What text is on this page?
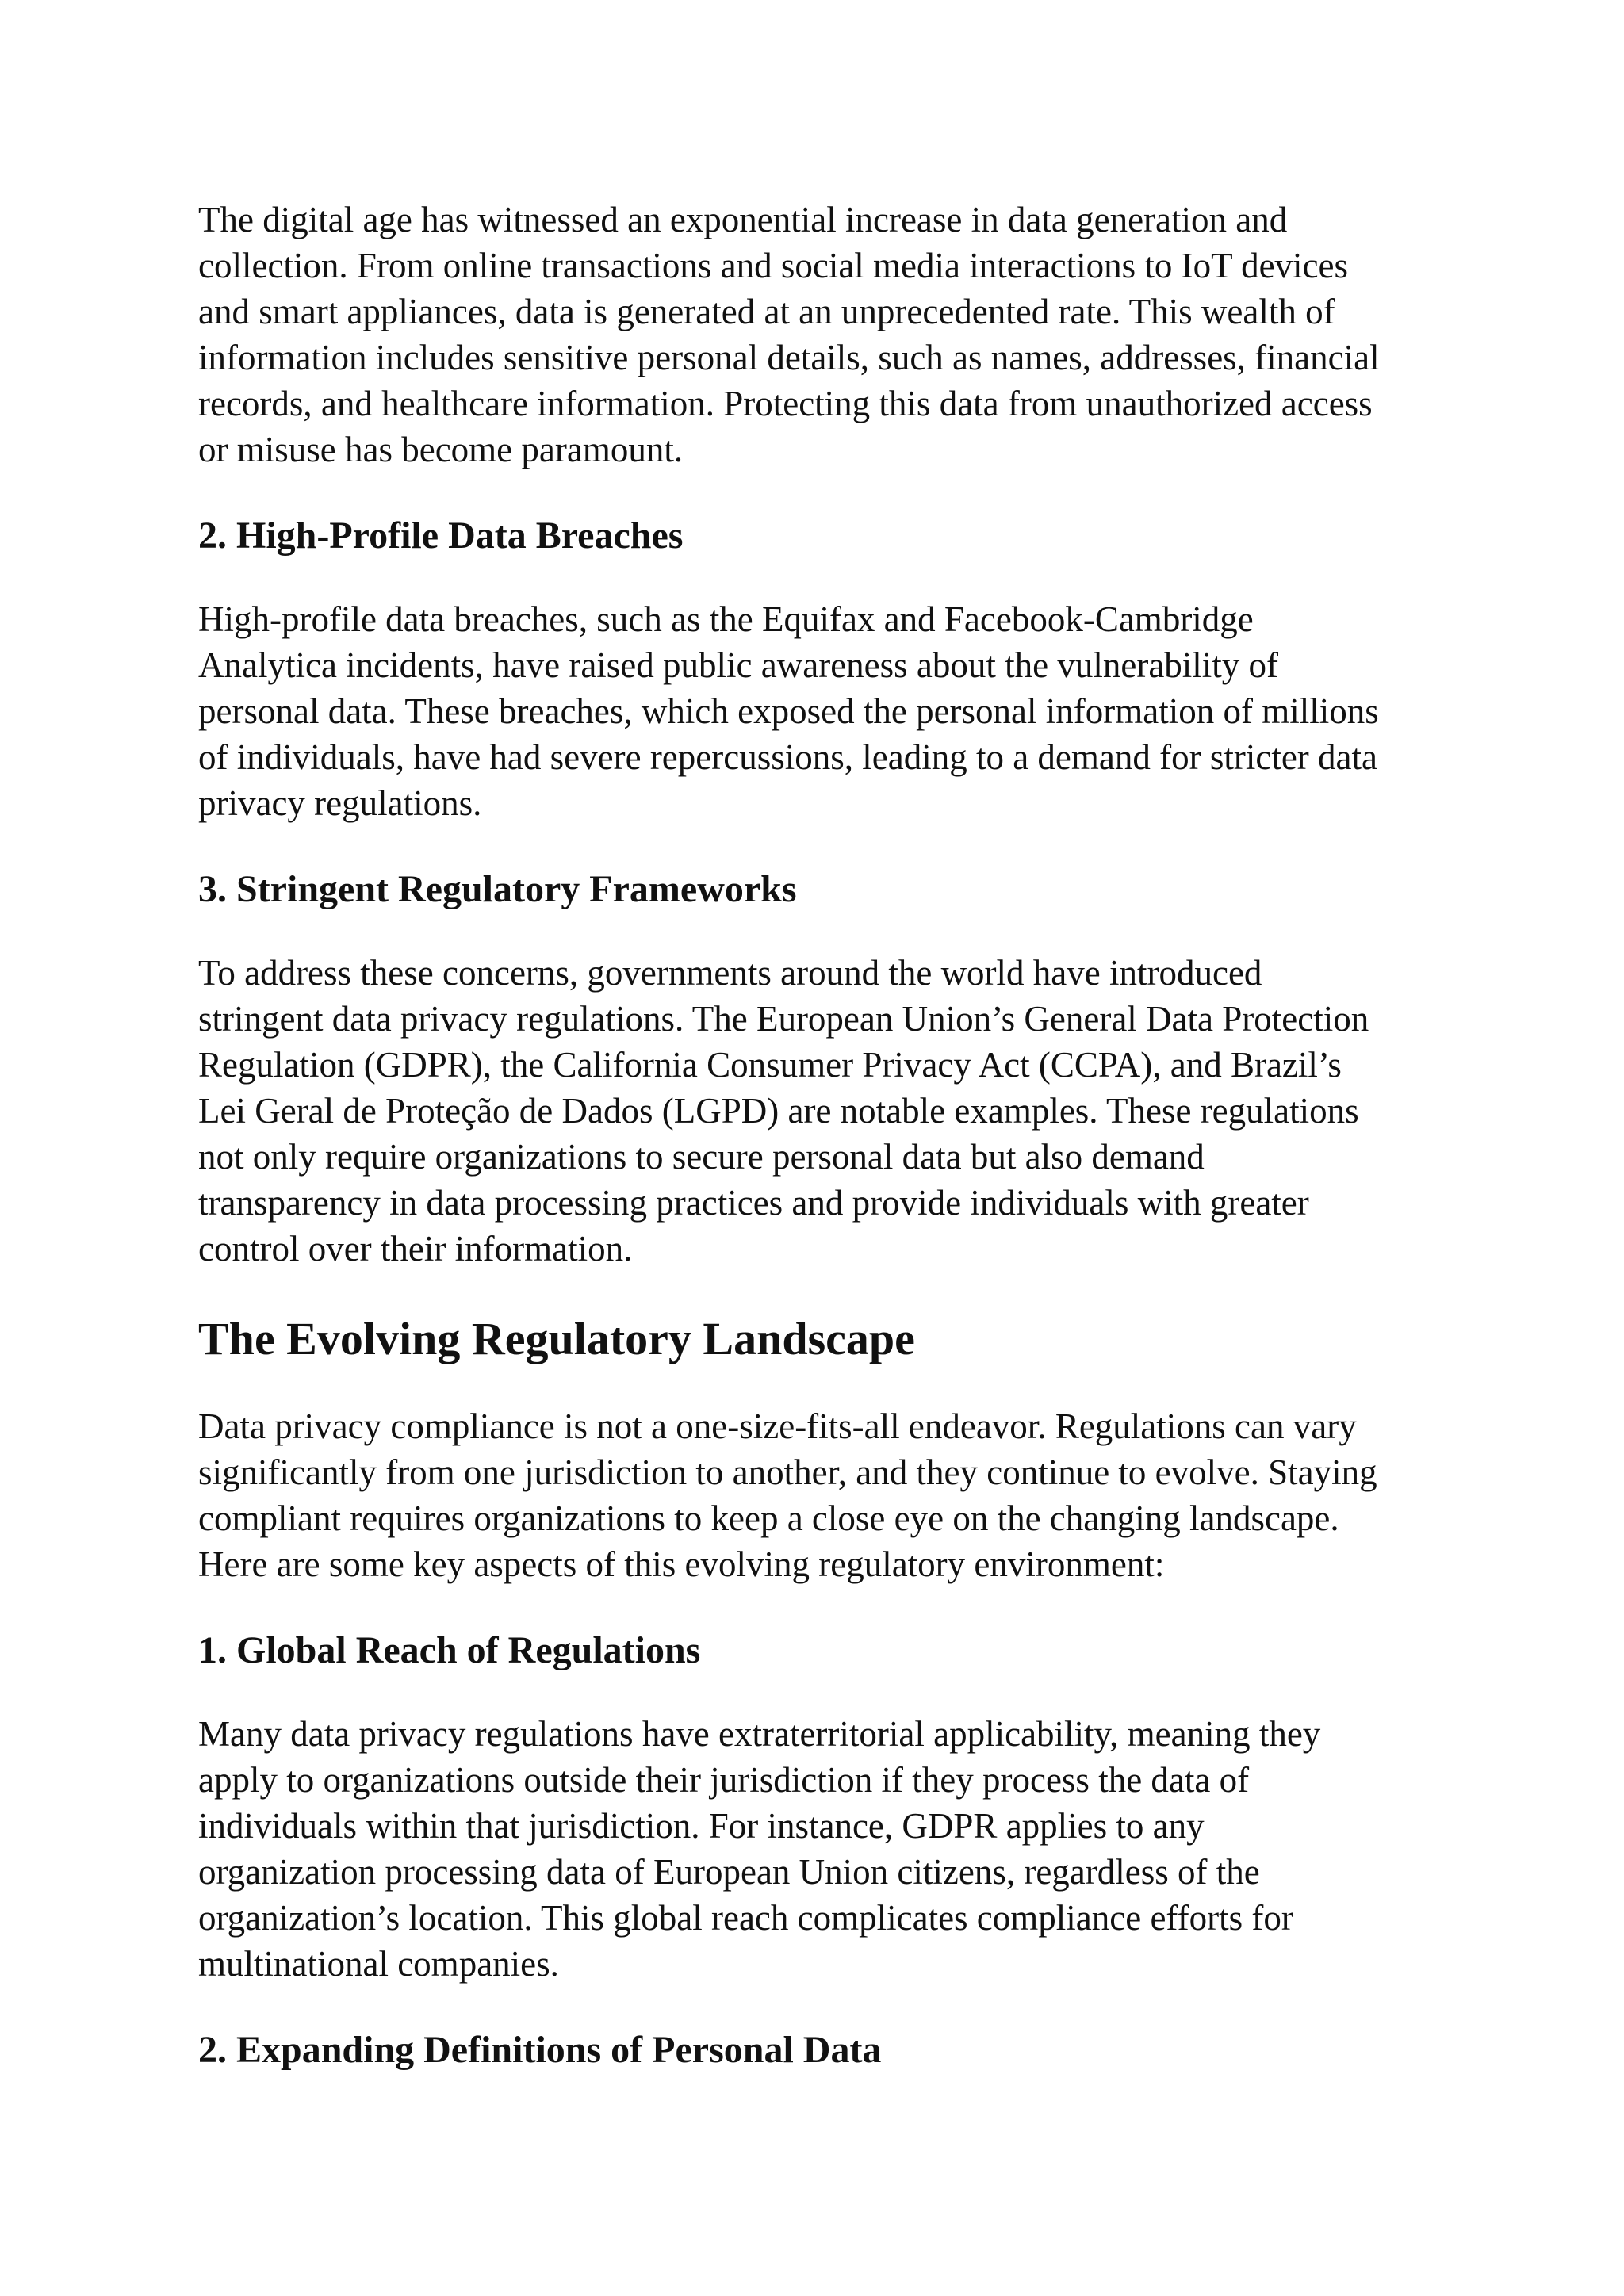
The digital age has witnessed an exponential increase in data generation and
collection. From online transactions and social media interactions to IoT devices
and smart appliances, data is generated at an unprecedented rate. This wealth of
information includes sensitive personal details, such as names, addresses, financial
records, and healthcare information. Protecting this data from unauthorized access
or misuse has become paramount.
2. High-Profile Data Breaches
High-profile data breaches, such as the Equifax and Facebook-Cambridge
Analytica incidents, have raised public awareness about the vulnerability of
personal data. These breaches, which exposed the personal information of millions
of individuals, have had severe repercussions, leading to a demand for stricter data
privacy regulations.
3. Stringent Regulatory Frameworks
To address these concerns, governments around the world have introduced
stringent data privacy regulations. The European Union’s General Data Protection
Regulation (GDPR), the California Consumer Privacy Act (CCPA), and Brazil’s
Lei Geral de Proteção de Dados (LGPD) are notable examples. These regulations
not only require organizations to secure personal data but also demand
transparency in data processing practices and provide individuals with greater
control over their information.
The Evolving Regulatory Landscape
Data privacy compliance is not a one-size-fits-all endeavor. Regulations can vary
significantly from one jurisdiction to another, and they continue to evolve. Staying
compliant requires organizations to keep a close eye on the changing landscape.
Here are some key aspects of this evolving regulatory environment:
1. Global Reach of Regulations
Many data privacy regulations have extraterritorial applicability, meaning they
apply to organizations outside their jurisdiction if they process the data of
individuals within that jurisdiction. For instance, GDPR applies to any
organization processing data of European Union citizens, regardless of the
organization’s location. This global reach complicates compliance efforts for
multinational companies.
2. Expanding Definitions of Personal Data
